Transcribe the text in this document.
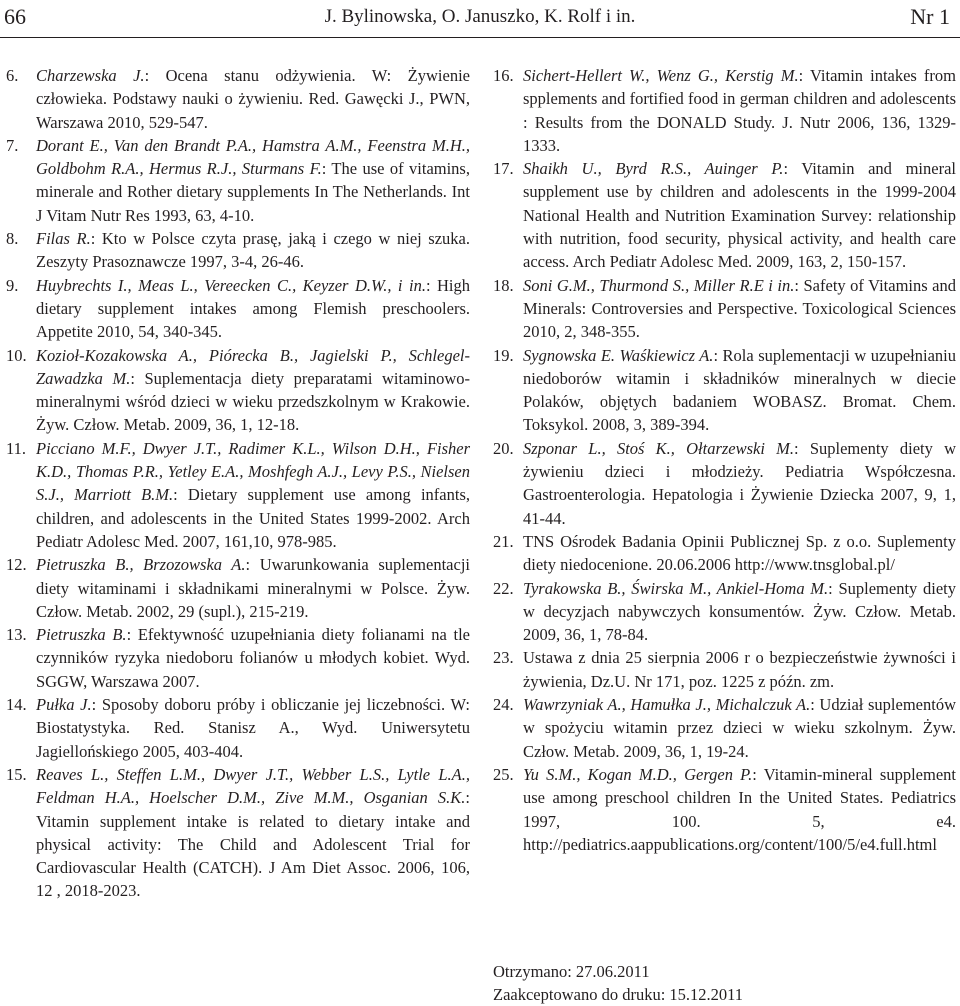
66	J. Bylinowska, O. Januszko, K. Rolf i in.	Nr 1

6. Charzewska J.: Ocena stanu odżywienia. W: Żywienie człowieka. Podstawy nauki o żywieniu. Red. Gawęcki J., PWN, Warszawa 2010, 529-547.

7. Dorant E., Van den Brandt P.A., Hamstra A.M., Feenstra M.H., Goldbohm R.A., Hermus R.J., Sturmans F.: The use of vitamins, minerale and Rother dietary supplements In The Netherlands. Int J Vitam Nutr Res 1993, 63, 4-10.

8. Filas R.: Kto w Polsce czyta prasę, jaką i czego w niej szuka. Zeszyty Prasoznawcze 1997, 3-4, 26-46.

9. Huybrechts I., Meas L., Vereecken C., Keyzer D.W., i in.: High dietary supplement intakes among Flemish preschoolers. Appetite 2010, 54, 340-345.

10. Kozioł-Kozakowska A., Piórecka B., Jagielski P., Schlegel-Zawadzka M.: Suplementacja diety preparatami witaminowo-mineralnymi wśród dzieci w wieku przedszkolnym w Krakowie. Żyw. Człow. Metab. 2009, 36, 1, 12-18.

11. Picciano M.F., Dwyer J.T., Radimer K.L., Wilson D.H., Fisher K.D., Thomas P.R., Yetley E.A., Moshfegh A.J., Levy P.S., Nielsen S.J., Marriott B.M.: Dietary supplement use among infants, children, and adolescents in the United States 1999-2002. Arch Pediatr Adolesc Med. 2007, 161,10, 978-985.

12. Pietruszka B., Brzozowska A.: Uwarunkowania suplementacji diety witaminami i składnikami mineralnymi w Polsce. Żyw. Człow. Metab. 2002, 29 (supl.), 215-219.

13. Pietruszka B.: Efektywność uzupełniania diety folianami na tle czynników ryzyka niedoboru folianów u młodych kobiet. Wyd. SGGW, Warszawa 2007.

14. Pułka J.: Sposoby doboru próby i obliczanie jej liczebności. W: Biostatystyka. Red. Stanisz A., Wyd. Uniwersytetu Jagiellońskiego 2005, 403-404.

15. Reaves L., Steffen L.M., Dwyer J.T., Webber L.S., Lytle L.A., Feldman H.A., Hoelscher D.M., Zive M.M., Osganian S.K.: Vitamin supplement intake is related to dietary intake and physical activity: The Child and Adolescent Trial for Cardiovascular Health (CATCH). J Am Diet Assoc. 2006, 106, 12 , 2018-2023.

16. Sichert-Hellert W., Wenz G., Kerstig M.: Vitamin intakes from spplements and fortified food in german children and adolescents : Results from the DONALD Study. J. Nutr 2006, 136, 1329-1333.

17. Shaikh U., Byrd R.S., Auinger P.: Vitamin and mineral supplement use by children and adolescents in the 1999-2004 National Health and Nutrition Examination Survey: relationship with nutrition, food security, physical activity, and health care access. Arch Pediatr Adolesc Med. 2009, 163, 2, 150-157.

18. Soni G.M., Thurmond S., Miller R.E i in.: Safety of Vitamins and Minerals: Controversies and Perspective. Toxicological Sciences 2010, 2, 348-355.

19. Sygnowska E. Waśkiewicz A.: Rola suplementacji w uzupełnianiu niedoborów witamin i składników mineralnych w diecie Polaków, objętych badaniem WOBASZ. Bromat. Chem. Toksykol. 2008, 3, 389-394.

20. Szponar L., Stoś K., Ołtarzewski M.: Suplementy diety w żywieniu dzieci i młodzieży. Pediatria Współczesna. Gastroenterologia. Hepatologia i Żywienie Dziecka 2007, 9, 1, 41-44.

21. TNS Ośrodek Badania Opinii Publicznej Sp. z o.o. Suplementy diety niedocenione. 20.06.2006 http://www.tnsglobal.pl/

22. Tyrakowska B., Świrska M., Ankiel-Homa M.: Suplementy diety w decyzjach nabywczych konsumentów. Żyw. Człow. Metab. 2009, 36, 1, 78-84.

23. Ustawa z dnia 25 sierpnia 2006 r o bezpieczeństwie żywności i żywienia, Dz.U. Nr 171, poz. 1225 z późn. zm.

24. Wawrzyniak A., Hamułka J., Michalczuk A.: Udział suplementów w spożyciu witamin przez dzieci w wieku szkolnym. Żyw. Człow. Metab. 2009, 36, 1, 19-24.

25. Yu S.M., Kogan M.D., Gergen P.: Vitamin-mineral supplement use among preschool children In the United States. Pediatrics 1997, 100. 5, e4. http://pediatrics.aappublications.org/content/100/5/e4.full.html

Otrzymano: 27.06.2011
Zaakceptowano do druku: 15.12.2011
